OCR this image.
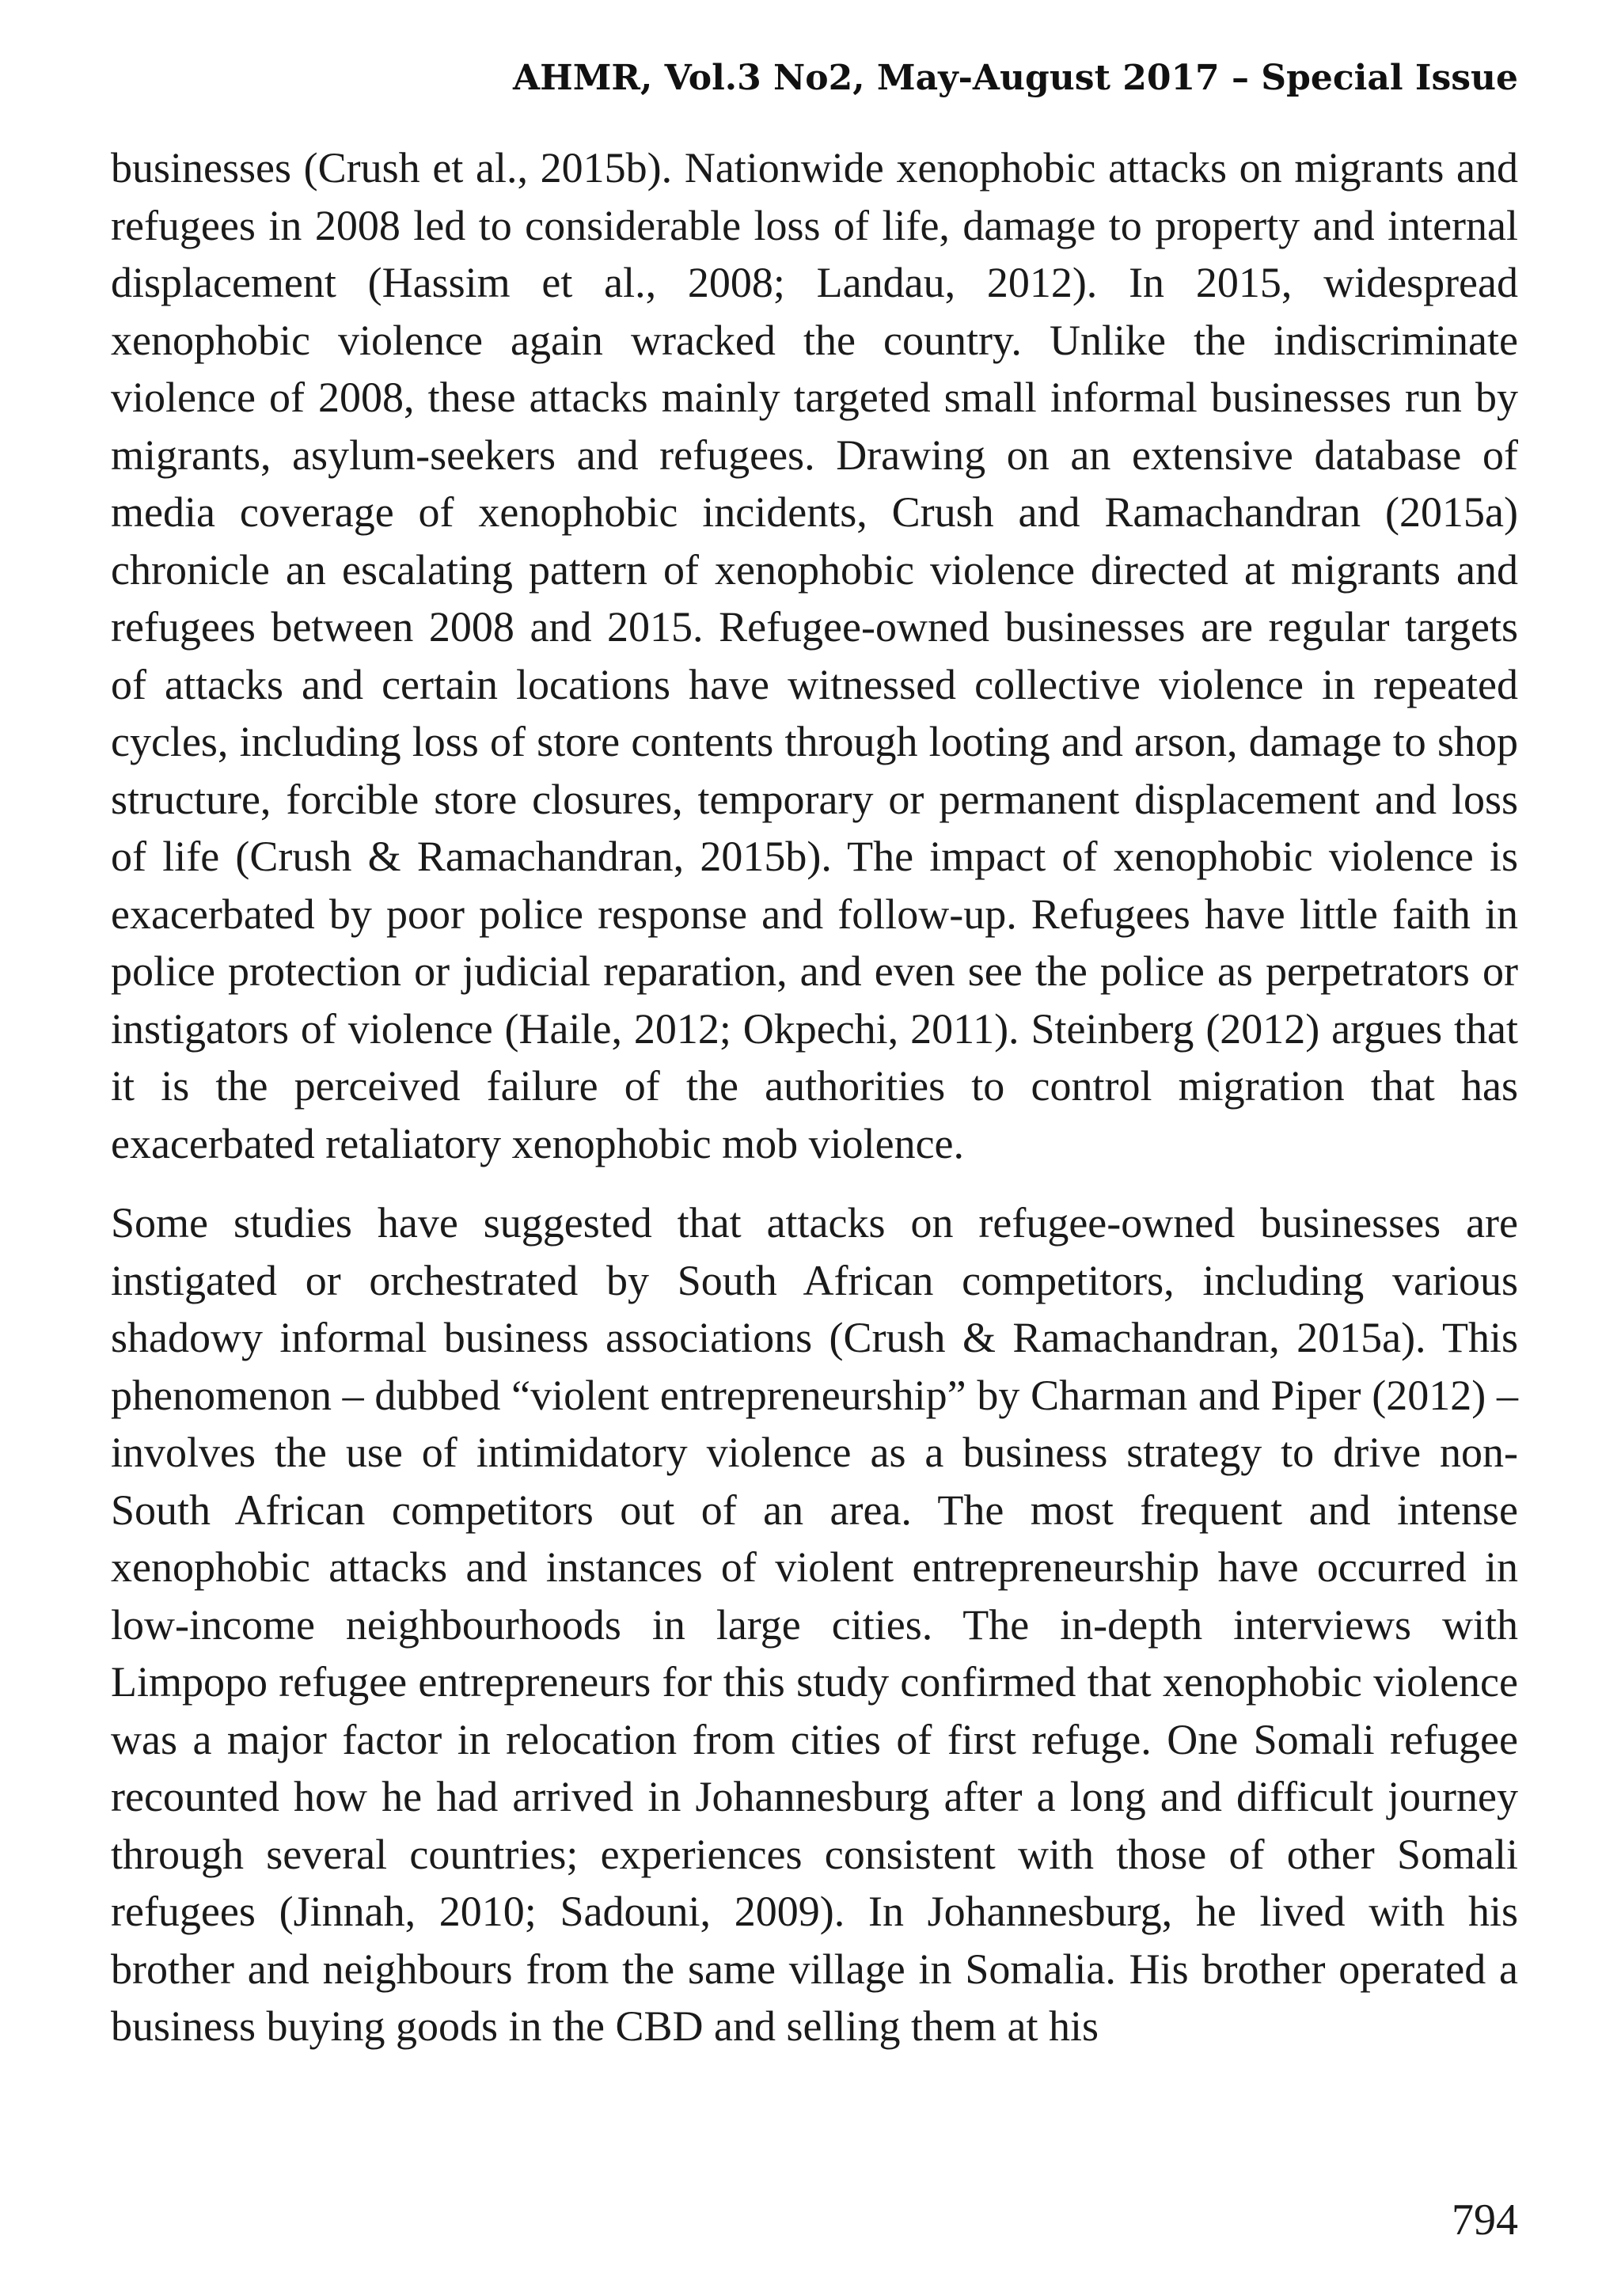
AHMR, Vol.3 No2, May-August 2017 – Special Issue

businesses (Crush et al., 2015b). Nationwide xenophobic attacks on migrants and refugees in 2008 led to considerable loss of life, damage to property and internal displacement (Hassim et al., 2008; Landau, 2012). In 2015, widespread xenophobic violence again wracked the country. Unlike the indiscriminate violence of 2008, these attacks mainly targeted small informal businesses run by migrants, asylum-seekers and refugees. Drawing on an extensive database of media coverage of xenophobic incidents, Crush and Ramachandran (2015a) chronicle an escalating pattern of xenophobic violence directed at migrants and refugees between 2008 and 2015. Refugee-owned businesses are regular targets of attacks and certain locations have witnessed collective violence in repeated cycles, including loss of store contents through looting and arson, damage to shop structure, forcible store closures, temporary or permanent displacement and loss of life (Crush & Ramachandran, 2015b). The impact of xenophobic violence is exacerbated by poor police response and follow-up. Refugees have little faith in police protection or judicial reparation, and even see the police as perpetrators or instigators of violence (Haile, 2012; Okpechi, 2011). Steinberg (2012) argues that it is the perceived failure of the authorities to control migration that has exacerbated retaliatory xenophobic mob violence.

Some studies have suggested that attacks on refugee-owned businesses are instigated or orchestrated by South African competitors, including various shadowy informal business associations (Crush & Ramachandran, 2015a). This phenomenon – dubbed “violent entrepreneurship” by Charman and Piper (2012) – involves the use of intimidatory violence as a business strategy to drive non-South African competitors out of an area. The most frequent and intense xenophobic attacks and instances of violent entrepreneurship have occurred in low-income neighbourhoods in large cities. The in-depth interviews with Limpopo refugee entrepreneurs for this study confirmed that xenophobic violence was a major factor in relocation from cities of first refuge. One Somali refugee recounted how he had arrived in Johannesburg after a long and difficult journey through several countries; experiences consistent with those of other Somali refugees (Jinnah, 2010; Sadouni, 2009). In Johannesburg, he lived with his brother and neighbours from the same village in Somalia. His brother operated a business buying goods in the CBD and selling them at his

794
